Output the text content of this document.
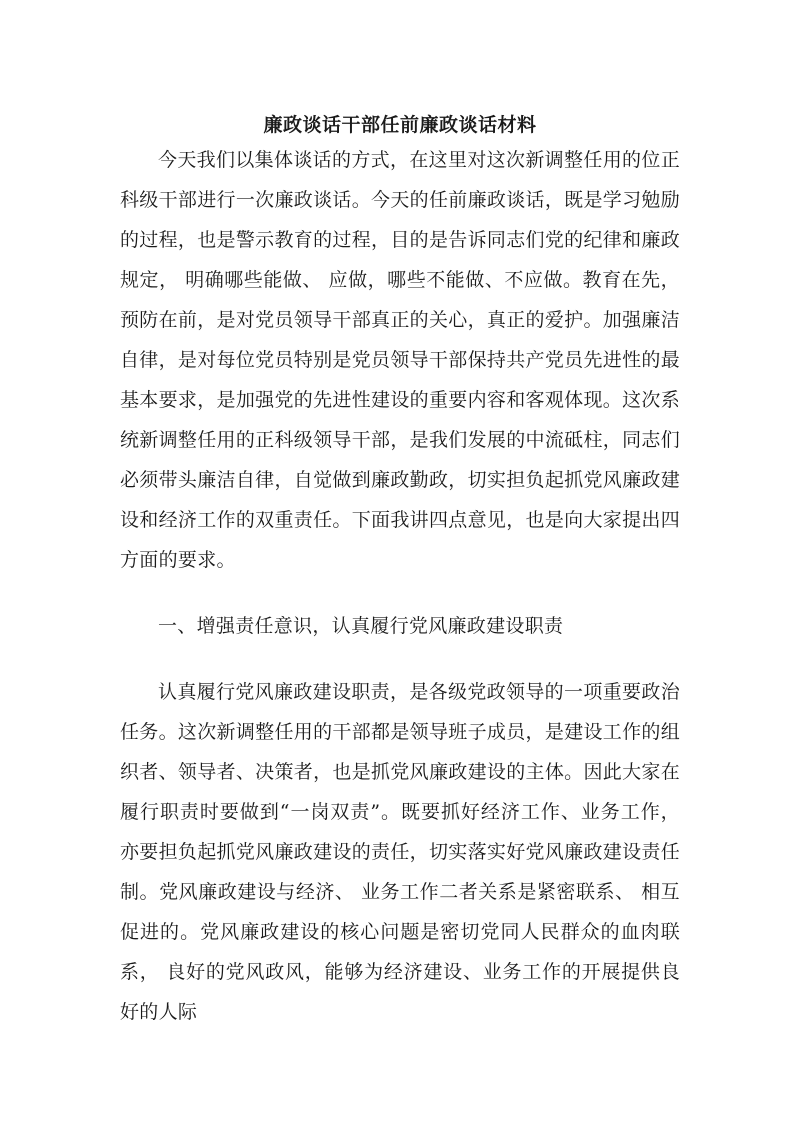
廉政谈话干部任前廉政谈话材料

今天我们以集体谈话的方式，在这里对这次新调整任用的位正科级干部进行一次廉政谈话。今天的任前廉政谈话，既是学习勉励的过程，也是警示教育的过程，目的是告诉同志们党的纪律和廉政规定， 明确哪些能做、 应做，哪些不能做、不应做。教育在先，预防在前，是对党员领导干部真正的关心，真正的爱护。加强廉洁自律，是对每位党员特别是党员领导干部保持共产党员先进性的最基本要求，是加强党的先进性建设的重要内容和客观体现。这次系统新调整任用的正科级领导干部，是我们发展的中流砥柱，同志们必须带头廉洁自律，自觉做到廉政勤政，切实担负起抓党风廉政建设和经济工作的双重责任。下面我讲四点意见，也是向大家提出四方面的要求。

一、增强责任意识，认真履行党风廉政建设职责

认真履行党风廉政建设职责，是各级党政领导的一项重要政治任务。这次新调整任用的干部都是领导班子成员，是建设工作的组织者、领导者、决策者，也是抓党风廉政建设的主体。因此大家在履行职责时要做到“一岗双责”。既要抓好经济工作、业务工作，亦要担负起抓党风廉政建设的责任，切实落实好党风廉政建设责任制。党风廉政建设与经济、 业务工作二者关系是紧密联系、 相互促进的。党风廉政建设的核心问题是密切党同人民群众的血肉联系， 良好的党风政风，能够为经济建设、业务工作的开展提供良好的人际
